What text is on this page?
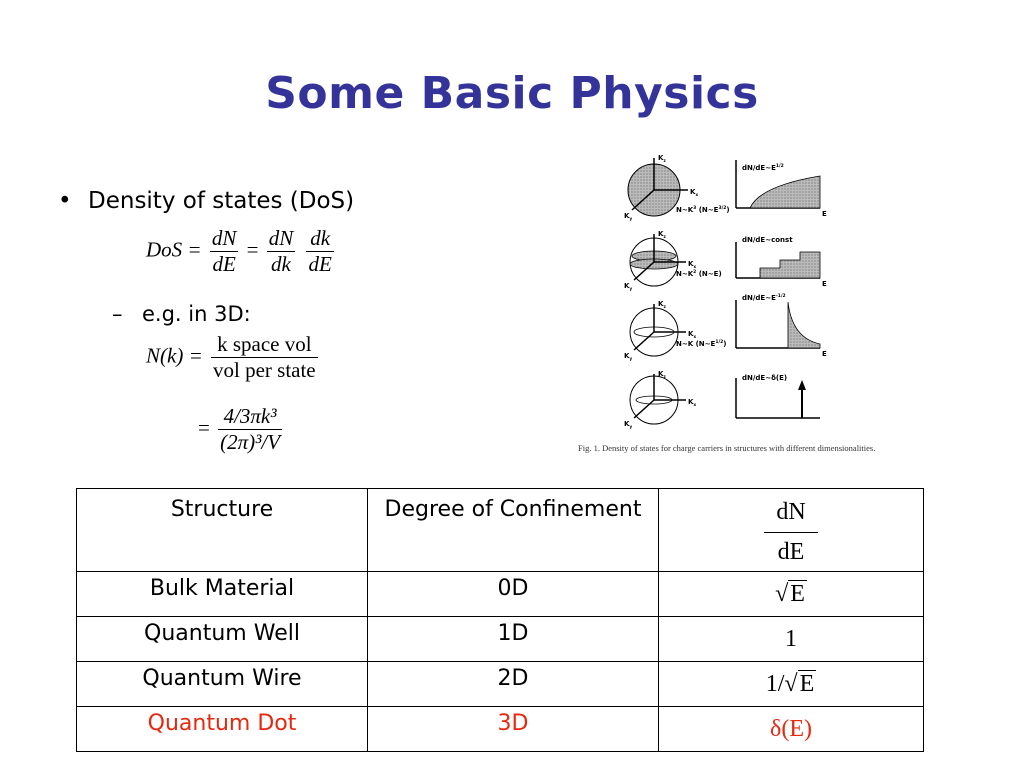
Some Basic Physics
• Density of states (DoS)
DoS = $\frac{dN}{dE} = \frac{dN}{dk}$
$\frac{dk}{dE}$
– e.g. in 3D:
$N(k) = \frac{\text{k space vol}}{\text{vol per state}}$
= $\frac{\text{4/3πk³}}{\text{(2π)³/V}}$
$dN/dE\sim E^{1/2}$
$N\sim K^3$ $(N\sim E^{3/2})$
dN/dE~const
$N\sim K^2$ (N~E)
$dN/dE\sim E^{-1/2}$
N~K $(N\sim E^{1/2})$
dN/dE~δ(E)
E
E
E
$K_z$
$K_x$
$K_y$
$K_z$
$K_x$
$K_y$
$K_z$
$K_x$
$K_y$
$K_z$
$K_x$
$K_y$
Fig. 1. Density of states for charge carriers in structures with different dimensionalities.
Structure	Degree of Confinement	$\frac{dN}{dE}$

Bulk Material	0D	√E
Quantum Well	1D	1
Quantum Wire	2D	1/√E
Quantum Dot	3D	δ(E)
